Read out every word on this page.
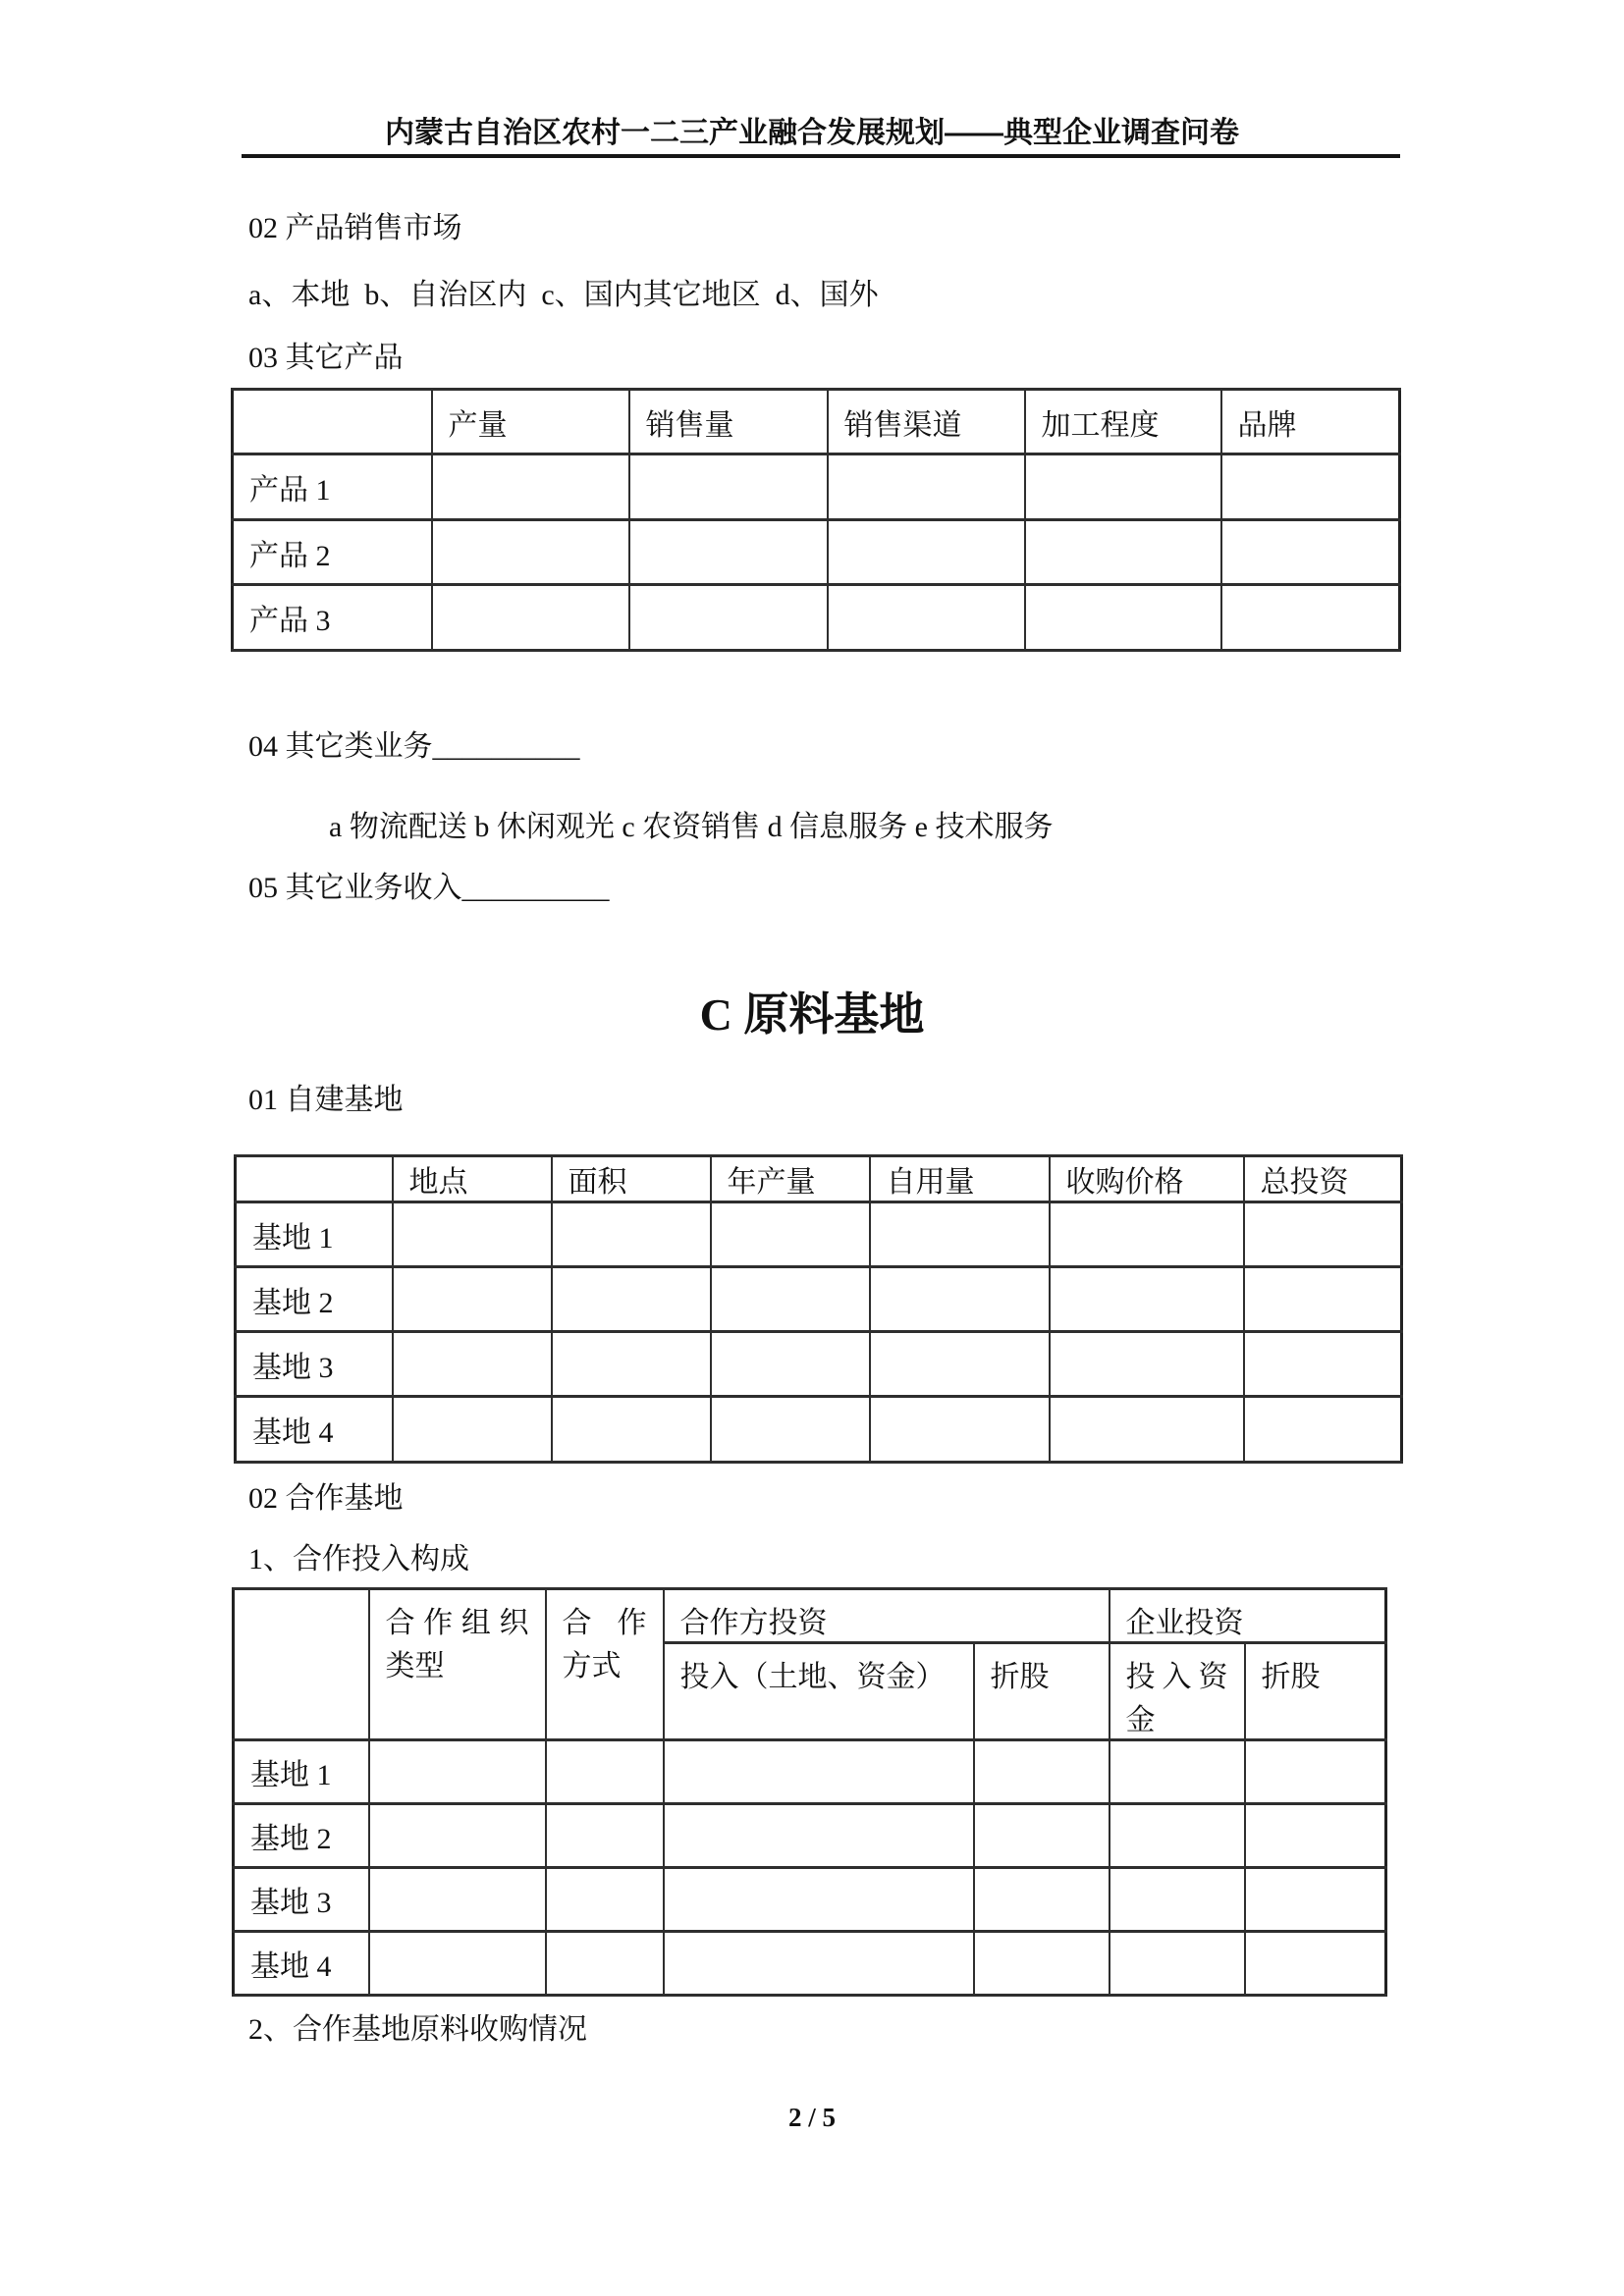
内蒙古自治区农村一二三产业融合发展规划——典型企业调查问卷
02 产品销售市场
a、本地  b、自治区内  c、国内其它地区  d、国外
03 其它产品
	产量	销售量	销售渠道	加工程度	品牌
产品 1					
产品 2					
产品 3					
04 其它类业务__________
a 物流配送 b 休闲观光 c 农资销售 d 信息服务 e 技术服务
05 其它业务收入__________
C 原料基地
01 自建基地
	地点	面积	年产量	自用量	收购价格	总投资
基地 1						
基地 2						
基地 3						
基地 4						
02 合作基地
1、合作投入构成

	合作组织类型	合作方式	合作方投资		企业投资	
			投入（土地、资金）	折股	投入资金	折股
基地 1						
基地 2						
基地 3						
基地 4						
2、合作基地原料收购情况
2 / 5
